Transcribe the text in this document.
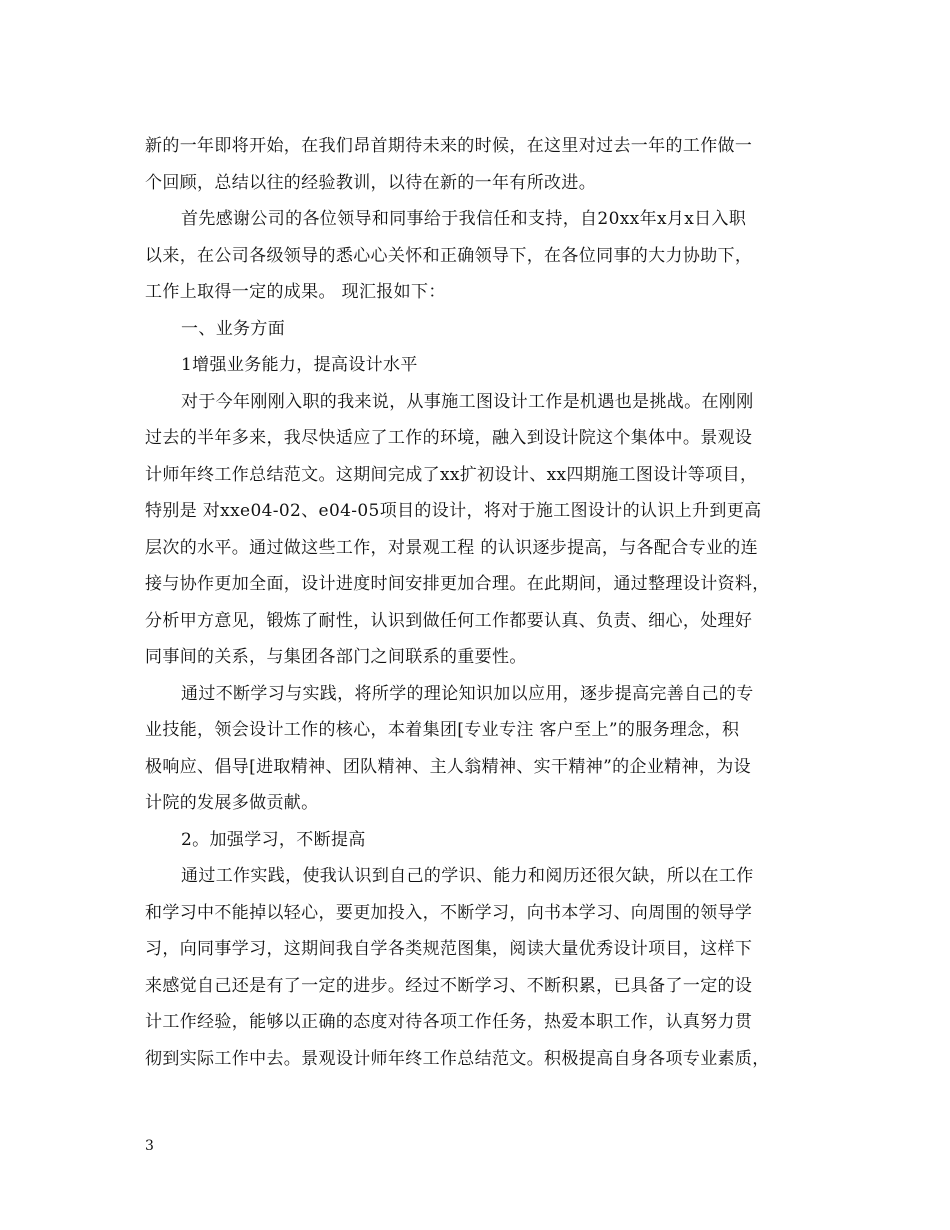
新的一年即将开始，在我们昂首期待未来的时候，在这里对过去一年的工作做一
个回顾，总结以往的经验教训，以待在新的一年有所改进。
首先感谢公司的各位领导和同事给于我信任和支持，自20xx年x月x日入职
以来，在公司各级领导的悉心心关怀和正确领导下，在各位同事的大力协助下，
工作上取得一定的成果。 现汇报如下：
一、业务方面
1增强业务能力，提高设计水平
对于今年刚刚入职的我来说，从事施工图设计工作是机遇也是挑战。在刚刚
过去的半年多来，我尽快适应了工作的环境，融入到设计院这个集体中。景观设
计师年终工作总结范文。这期间完成了xx扩初设计、xx四期施工图设计等项目，
特别是 对xxe04-02、e04-05项目的设计，将对于施工图设计的认识上升到更高
层次的水平。通过做这些工作，对景观工程 的认识逐步提高，与各配合专业的连
接与协作更加全面，设计进度时间安排更加合理。在此期间，通过整理设计资料，
分析甲方意见，锻炼了耐性，认识到做任何工作都要认真、负责、细心，处理好
同事间的关系，与集团各部门之间联系的重要性。
通过不断学习与实践，将所学的理论知识加以应用，逐步提高完善自己的专
业技能，领会设计工作的核心，本着集团[专业专注 客户至上”的服务理念，积
极响应、倡导[进取精神、团队精神、主人翁精神、实干精神”的企业精神，为设
计院的发展多做贡献。
2。加强学习，不断提高
通过工作实践，使我认识到自己的学识、能力和阅历还很欠缺，所以在工作
和学习中不能掉以轻心，要更加投入，不断学习，向书本学习、向周围的领导学
习，向同事学习，这期间我自学各类规范图集，阅读大量优秀设计项目，这样下
来感觉自己还是有了一定的进步。经过不断学习、不断积累，已具备了一定的设
计工作经验，能够以正确的态度对待各项工作任务，热爱本职工作，认真努力贯
彻到实际工作中去。景观设计师年终工作总结范文。积极提高自身各项专业素质，
3
